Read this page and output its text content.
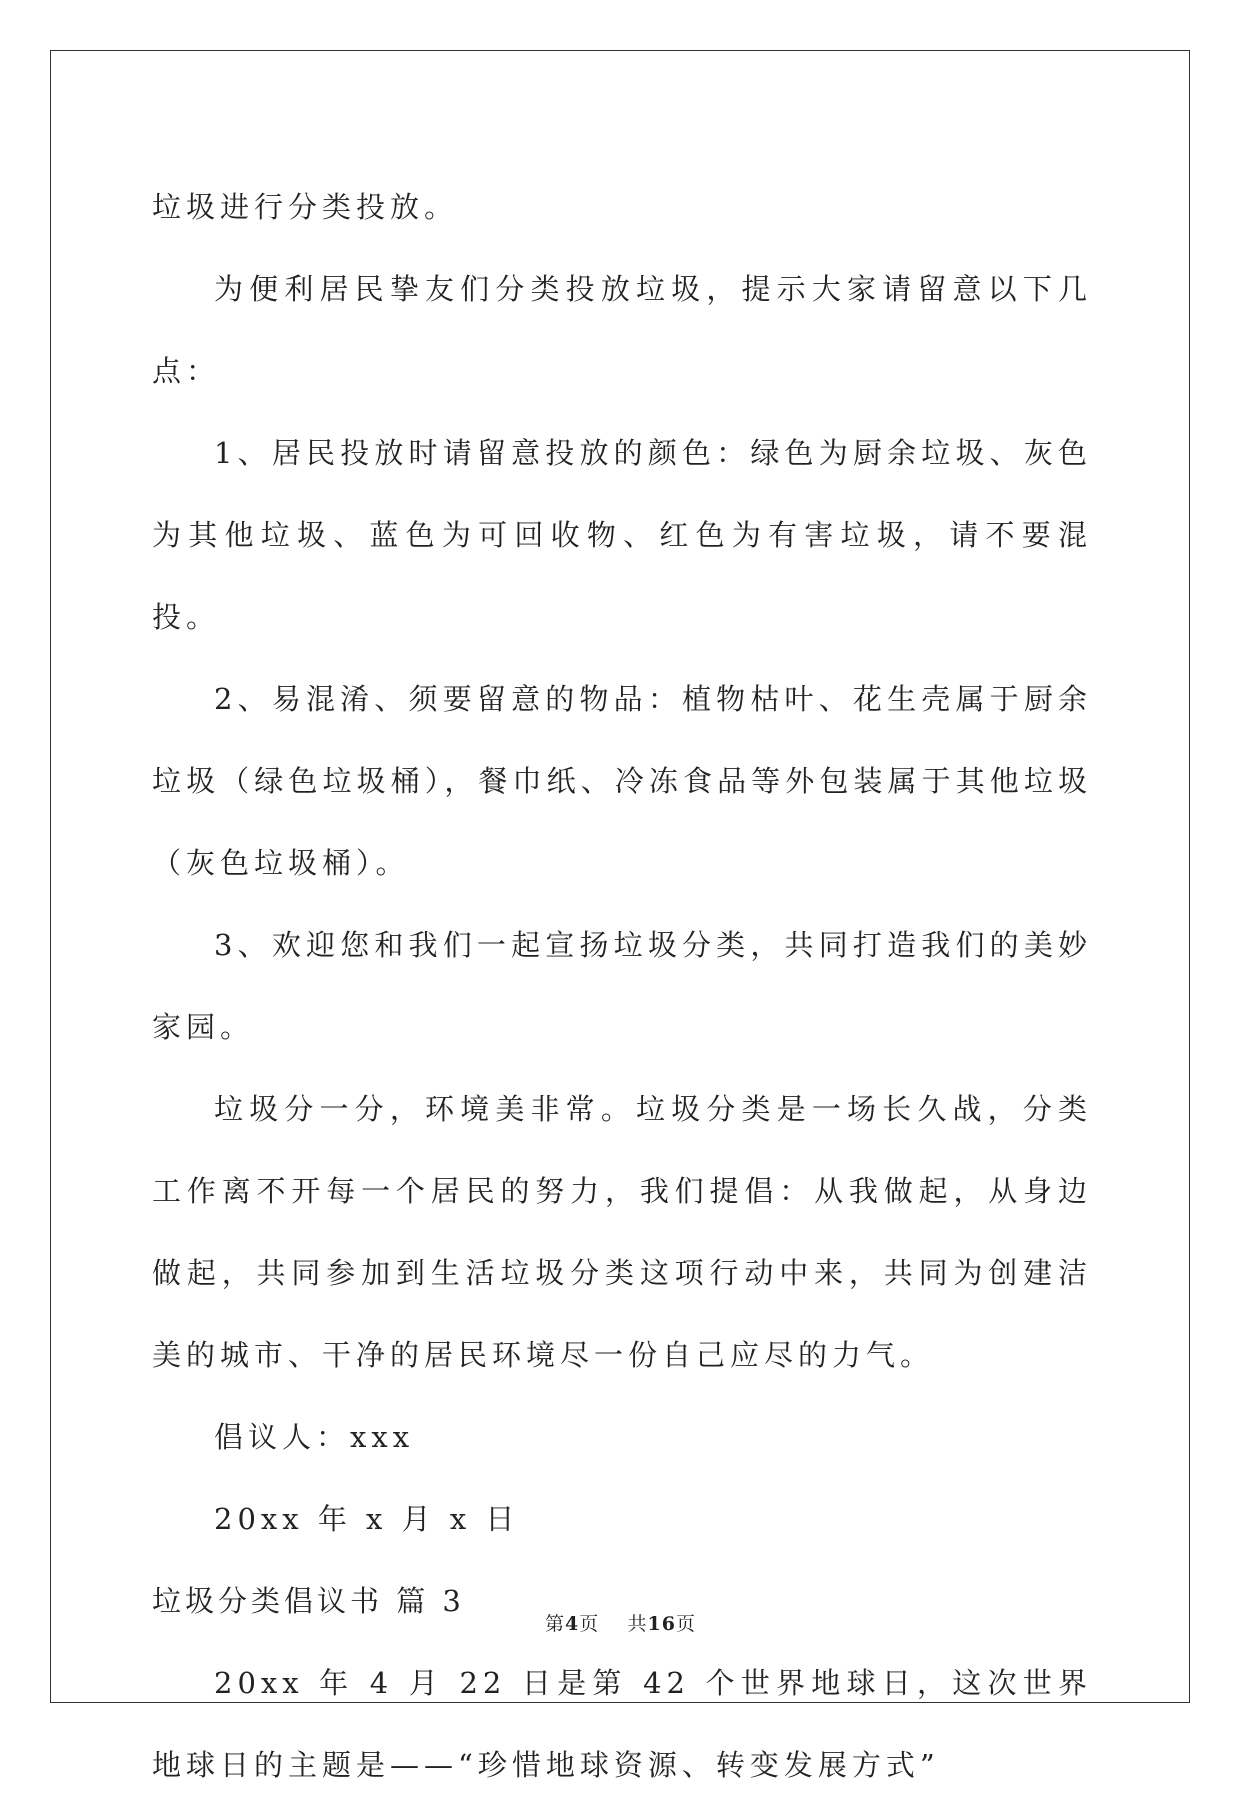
垃圾进行分类投放。

为便利居民挚友们分类投放垃圾，提示大家请留意以下几点：

1、居民投放时请留意投放的颜色：绿色为厨余垃圾、灰色为其他垃圾、蓝色为可回收物、红色为有害垃圾，请不要混投。

2、易混淆、须要留意的物品：植物枯叶、花生壳属于厨余垃圾（绿色垃圾桶），餐巾纸、冷冻食品等外包装属于其他垃圾（灰色垃圾桶）。

3、欢迎您和我们一起宣扬垃圾分类，共同打造我们的美妙家园。

垃圾分一分，环境美非常。垃圾分类是一场长久战，分类工作离不开每一个居民的努力，我们提倡：从我做起，从身边做起，共同参加到生活垃圾分类这项行动中来，共同为创建洁美的城市、干净的居民环境尽一份自己应尽的力气。

倡议人：xxx

20xx 年 x 月 x 日

垃圾分类倡议书 篇 3

20xx 年 4 月 22 日是第 42 个世界地球日，这次世界地球日的主题是——“珍惜地球资源、转变发展方式”

第4页 共16页
